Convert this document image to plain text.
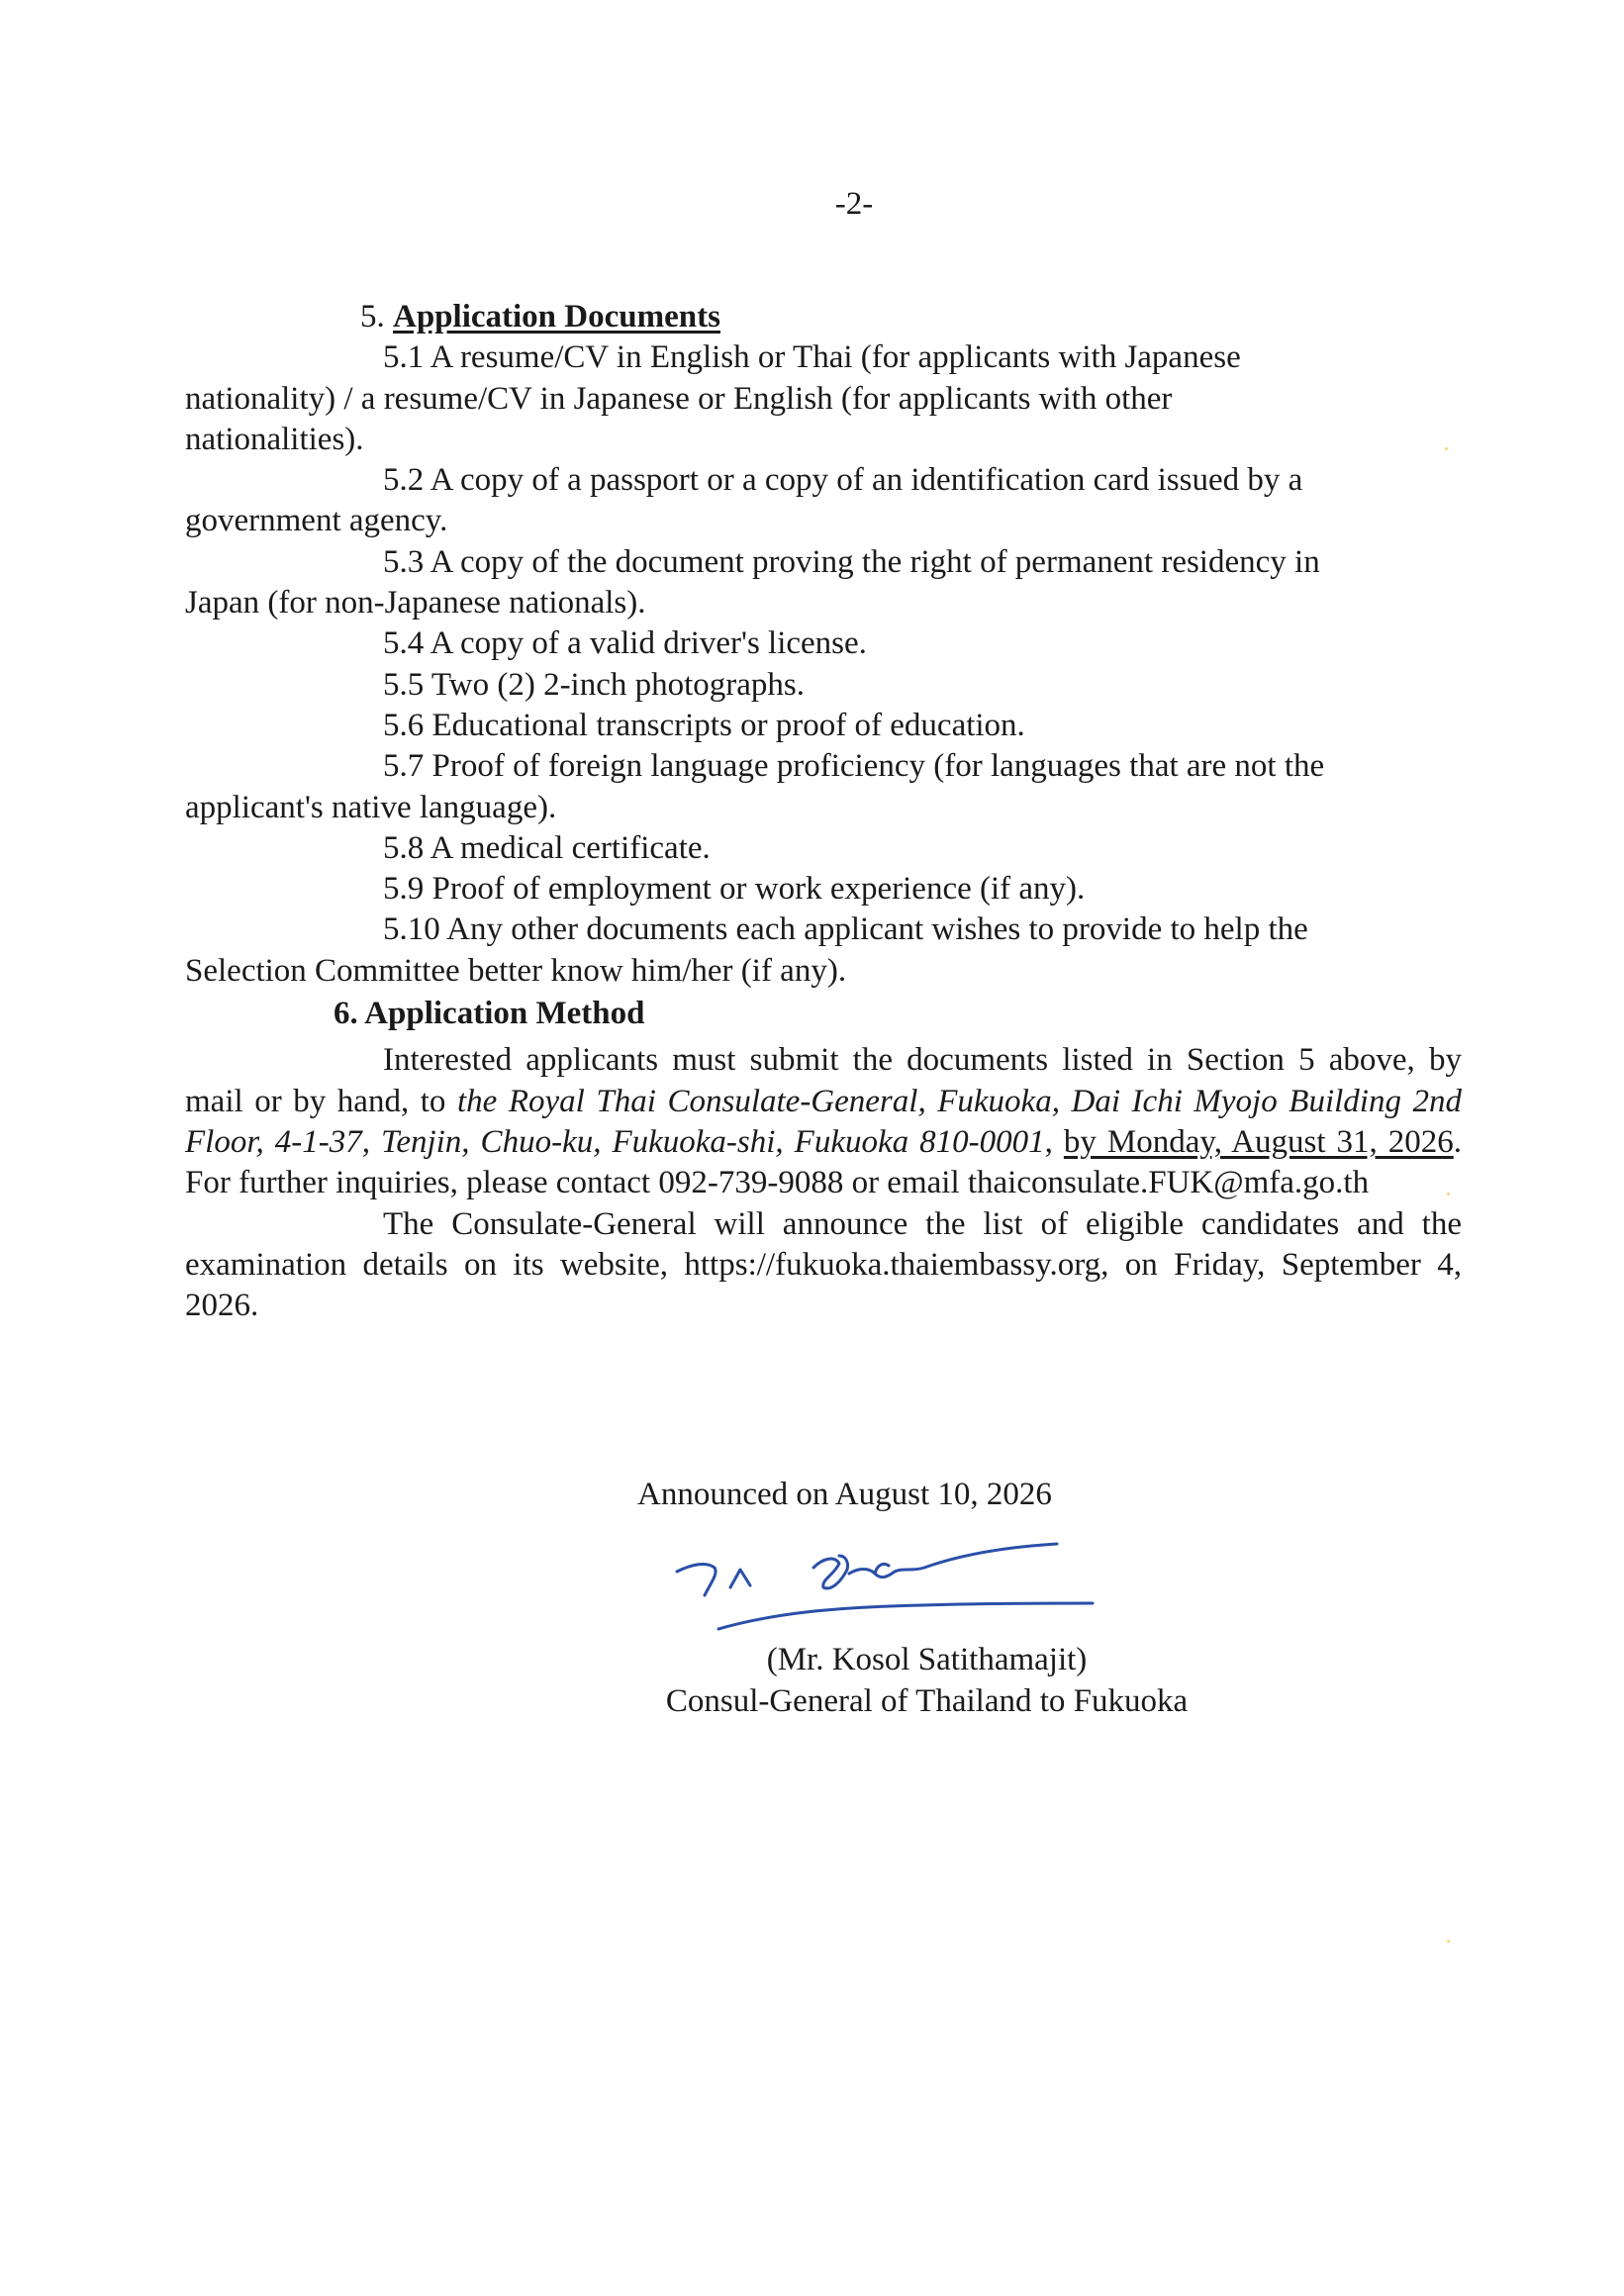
-2-

5. Application Documents

5.1 A resume/CV in English or Thai (for applicants with Japanese

nationality) / a resume/CV in Japanese or English (for applicants with other

nationalities).

5.2 A copy of a passport or a copy of an identification card issued by a

government agency.

5.3 A copy of the document proving the right of permanent residency in

Japan (for non-Japanese nationals).

5.4 A copy of a valid driver's license.

5.5 Two (2) 2-inch photographs.

5.6 Educational transcripts or proof of education.

5.7 Proof of foreign language proficiency (for languages that are not the

applicant's native language).

5.8 A medical certificate.

5.9 Proof of employment or work experience (if any).

5.10 Any other documents each applicant wishes to provide to help the

Selection Committee better know him/her (if any).

6. Application Method

Interested applicants must submit the documents listed in Section 5 above, by mail or by hand, to the Royal Thai Consulate-General, Fukuoka, Dai Ichi Myojo Building 2nd Floor, 4-1-37, Tenjin, Chuo-ku, Fukuoka-shi, Fukuoka 810-0001, by Monday, August 31, 2026. For further inquiries, please contact 092-739-9088 or email thaiconsulate.FUK@mfa.go.th

The Consulate-General will announce the list of eligible candidates and the examination details on its website, https://fukuoka.thaiembassy.org, on Friday, September 4, 2026.

Announced on August 10, 2026
(Mr. Kosol Satithamajit)
Consul-General of Thailand to Fukuoka
